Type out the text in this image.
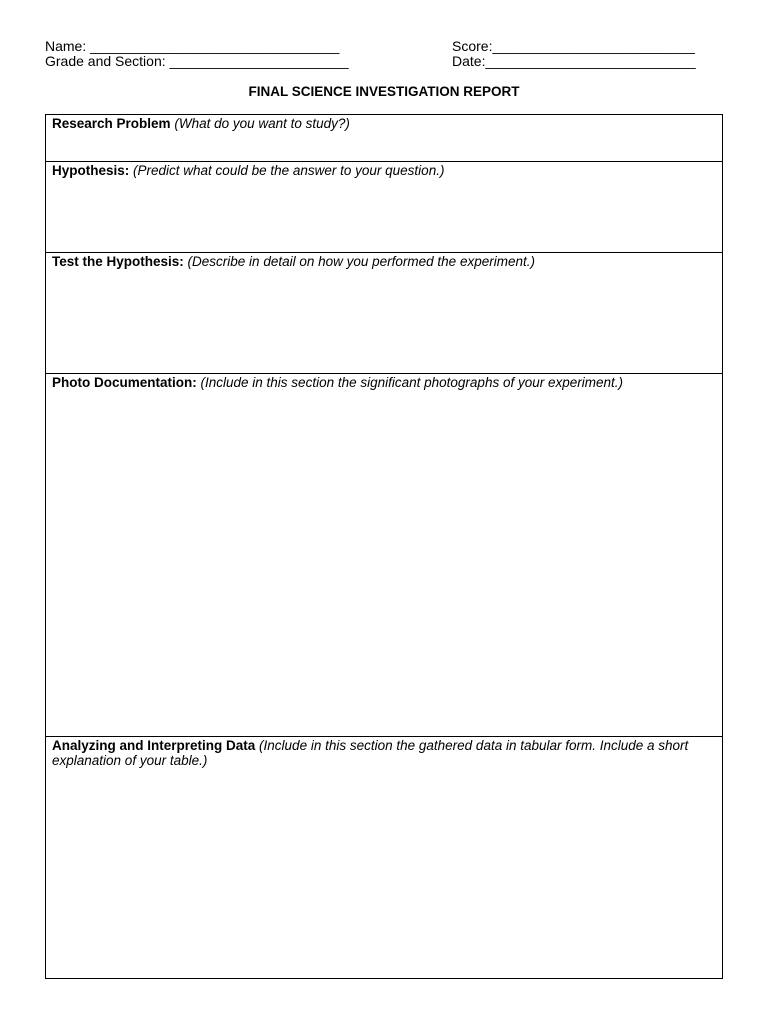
Name: ________________________________	Score:__________________________
Grade and Section: _______________________	Date:___________________________
FINAL SCIENCE INVESTIGATION REPORT
Research Problem (What do you want to study?)
Hypothesis: (Predict what could be the answer to your question.)
Test the Hypothesis: (Describe in detail on how you performed the experiment.)
Photo Documentation: (Include in this section the significant photographs of your experiment.)
Analyzing and Interpreting Data (Include in this section the gathered data in tabular form. Include a short explanation of your table.)
